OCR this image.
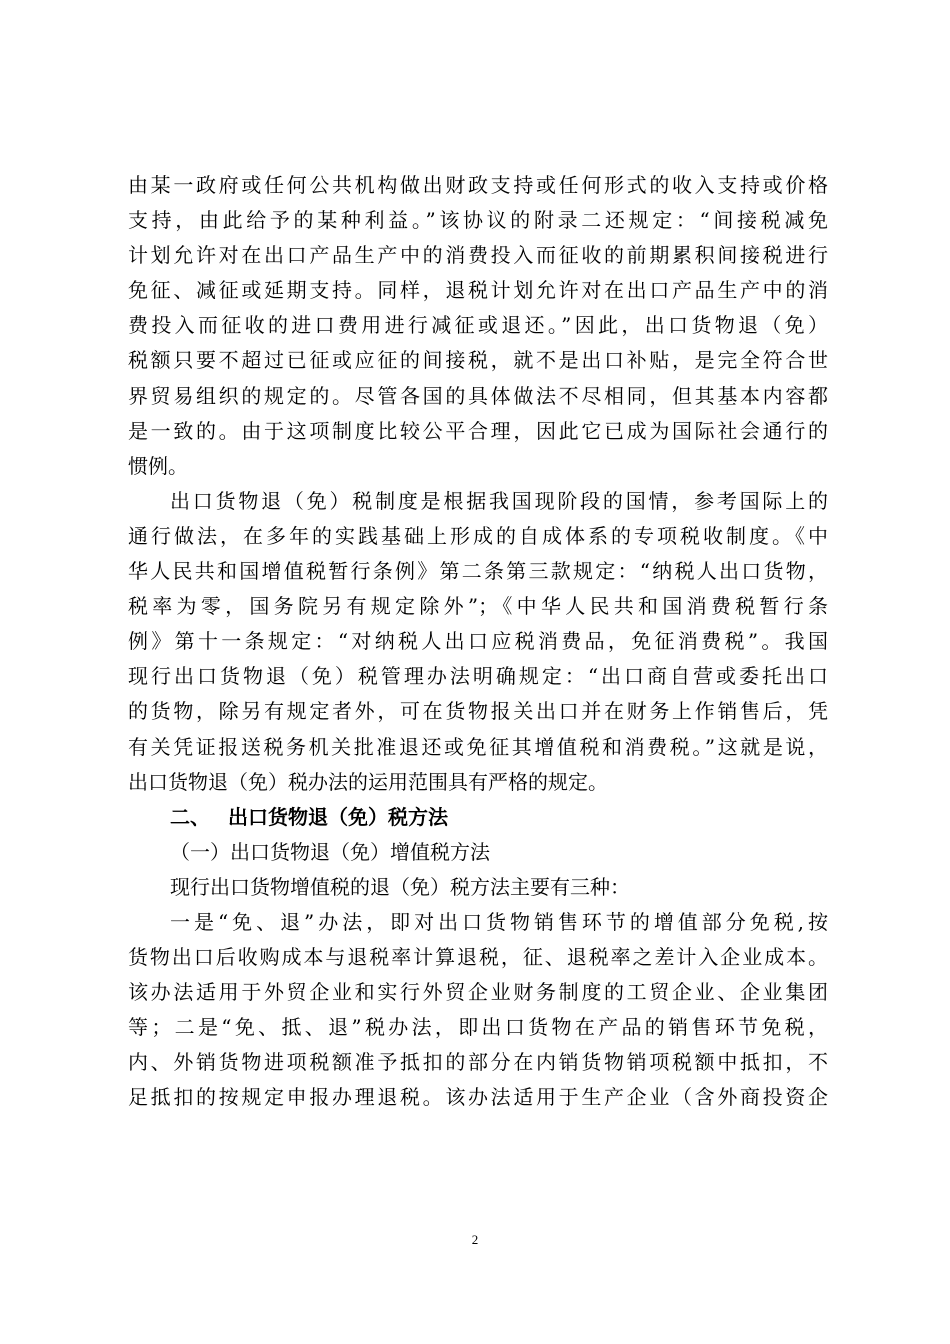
由某一政府或任何公共机构做出财政支持或任何形式的收入支持或价格
支持，由此给予的某种利益。”该协议的附录二还规定：“间接税减免
计划允许对在出口产品生产中的消费投入而征收的前期累积间接税进行
免征、减征或延期支持。同样，退税计划允许对在出口产品生产中的消
费投入而征收的进口费用进行减征或退还。”因此，出口货物退（免）
税额只要不超过已征或应征的间接税，就不是出口补贴，是完全符合世
界贸易组织的规定的。尽管各国的具体做法不尽相同，但其基本内容都
是一致的。由于这项制度比较公平合理，因此它已成为国际社会通行的
惯例。
出口货物退（免）税制度是根据我国现阶段的国情，参考国际上的
通行做法，在多年的实践基础上形成的自成体系的专项税收制度。《中
华人民共和国增值税暂行条例》第二条第三款规定：“纳税人出口货物，
税率为零，国务院另有规定除外”；《中华人民共和国消费税暂行条
例》第十一条规定：“对纳税人出口应税消费品，免征消费税”。我国
现行出口货物退（免）税管理办法明确规定：“出口商自营或委托出口
的货物，除另有规定者外，可在货物报关出口并在财务上作销售后，凭
有关凭证报送税务机关批准退还或免征其增值税和消费税。”这就是说，
出口货物退（免）税办法的运用范围具有严格的规定。
二、 出口货物退（免）税方法
（一）出口货物退（免）增值税方法
现行出口货物增值税的退（免）税方法主要有三种：
一是“免、退”办法，即对出口货物销售环节的增值部分免税,按
货物出口后收购成本与退税率计算退税，征、退税率之差计入企业成本。
该办法适用于外贸企业和实行外贸企业财务制度的工贸企业、企业集团
等；二是“免、抵、退”税办法，即出口货物在产品的销售环节免税，
内、外销货物进项税额准予抵扣的部分在内销货物销项税额中抵扣，不
足抵扣的按规定申报办理退税。该办法适用于生产企业（含外商投资企
2
